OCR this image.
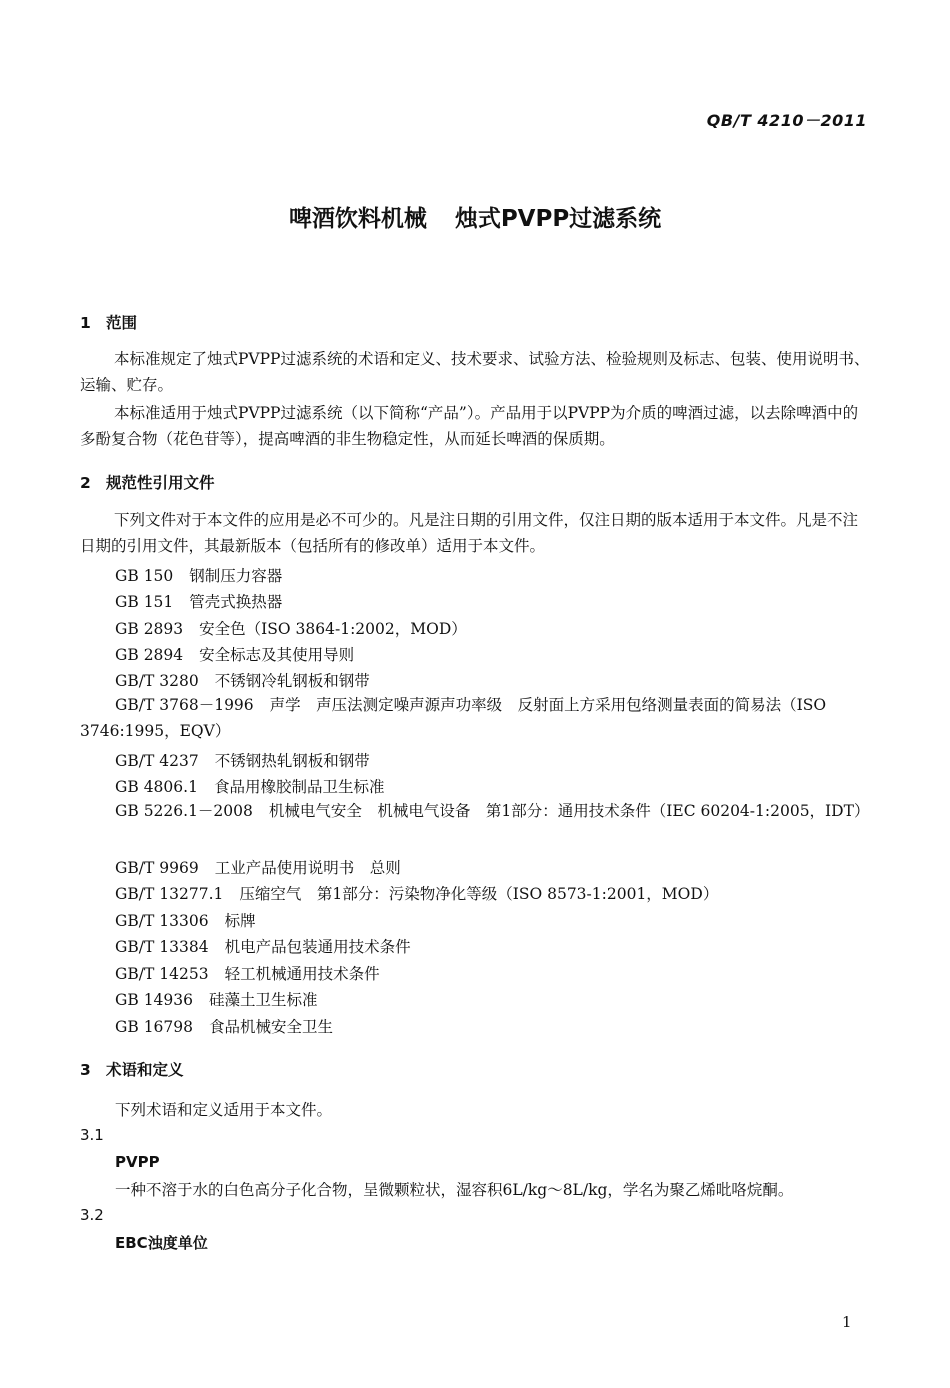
QB/T 4210－2011
啤酒饮料机械 烛式PVPP过滤系统
1 范围

本标准规定了烛式PVPP过滤系统的术语和定义、技术要求、试验方法、检验规则及标志、包装、使用说明书、运输、贮存。

本标准适用于烛式PVPP过滤系统（以下简称“产品”）。产品用于以PVPP为介质的啤酒过滤，以去除啤酒中的多酚复合物（花色苷等），提高啤酒的非生物稳定性，从而延长啤酒的保质期。

2 规范性引用文件

下列文件对于本文件的应用是必不可少的。凡是注日期的引用文件，仅注日期的版本适用于本文件。凡是不注日期的引用文件，其最新版本（包括所有的修改单）适用于本文件。

GB 150 钢制压力容器
GB 151 管壳式换热器
GB 2893 安全色（ISO 3864-1:2002，MOD）
GB 2894 安全标志及其使用导则
GB/T 3280 不锈钢冷轧钢板和钢带

GB/T 3768－1996 声学　声压法测定噪声源声功率级　反射面上方采用包络测量表面的简易法（ISO 3746:1995，EQV）

GB/T 4237 不锈钢热轧钢板和钢带
GB 4806.1 食品用橡胶制品卫生标准

GB 5226.1－2008 机械电气安全　机械电气设备　第1部分：通用技术条件（IEC 60204-1:2005，IDT）

GB/T 9969 工业产品使用说明书　总则
GB/T 13277.1 压缩空气　第1部分：污染物净化等级（ISO 8573-1:2001，MOD）
GB/T 13306 标牌
GB/T 13384 机电产品包装通用技术条件
GB/T 14253 轻工机械通用技术条件
GB 14936 硅藻土卫生标准
GB 16798 食品机械安全卫生
3 术语和定义
下列术语和定义适用于本文件。
3.1
PVPP
一种不溶于水的白色高分子化合物，呈微颗粒状，湿容积6L/kg～8L/kg，学名为聚乙烯吡咯烷酮。
3.2
EBC浊度单位
1
